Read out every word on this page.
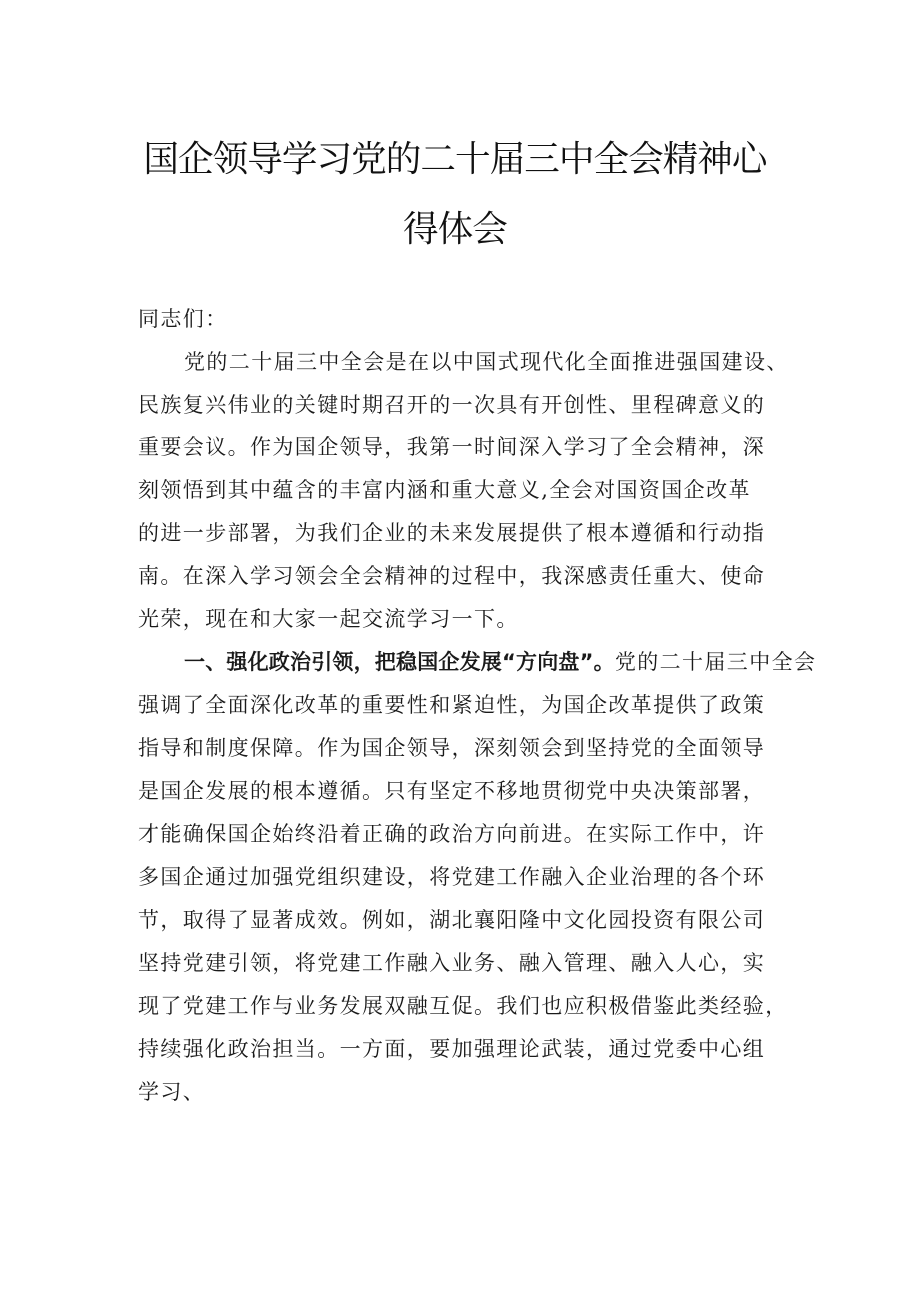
国企领导学习党的二十届三中全会精神心
得体会
同志们：
党的二十届三中全会是在以中国式现代化全面推进强国建设、
民族复兴伟业的关键时期召开的一次具有开创性、里程碑意义的
重要会议。作为国企领导，我第一时间深入学习了全会精神，深
刻领悟到其中蕴含的丰富内涵和重大意义,全会对国资国企改革
的进一步部署，为我们企业的未来发展提供了根本遵循和行动指
南。在深入学习领会全会精神的过程中，我深感责任重大、使命
光荣，现在和大家一起交流学习一下。
一、强化政治引领，把稳国企发展“方向盘”。党的二十届三中全会
强调了全面深化改革的重要性和紧迫性，为国企改革提供了政策
指导和制度保障。作为国企领导，深刻领会到坚持党的全面领导
是国企发展的根本遵循。只有坚定不移地贯彻党中央决策部署，
才能确保国企始终沿着正确的政治方向前进。在实际工作中，许
多国企通过加强党组织建设，将党建工作融入企业治理的各个环
节，取得了显著成效。例如，湖北襄阳隆中文化园投资有限公司
坚持党建引领，将党建工作融入业务、融入管理、融入人心，实
现了党建工作与业务发展双融互促。我们也应积极借鉴此类经验，
持续强化政治担当。一方面，要加强理论武装，通过党委中心组
学习、
